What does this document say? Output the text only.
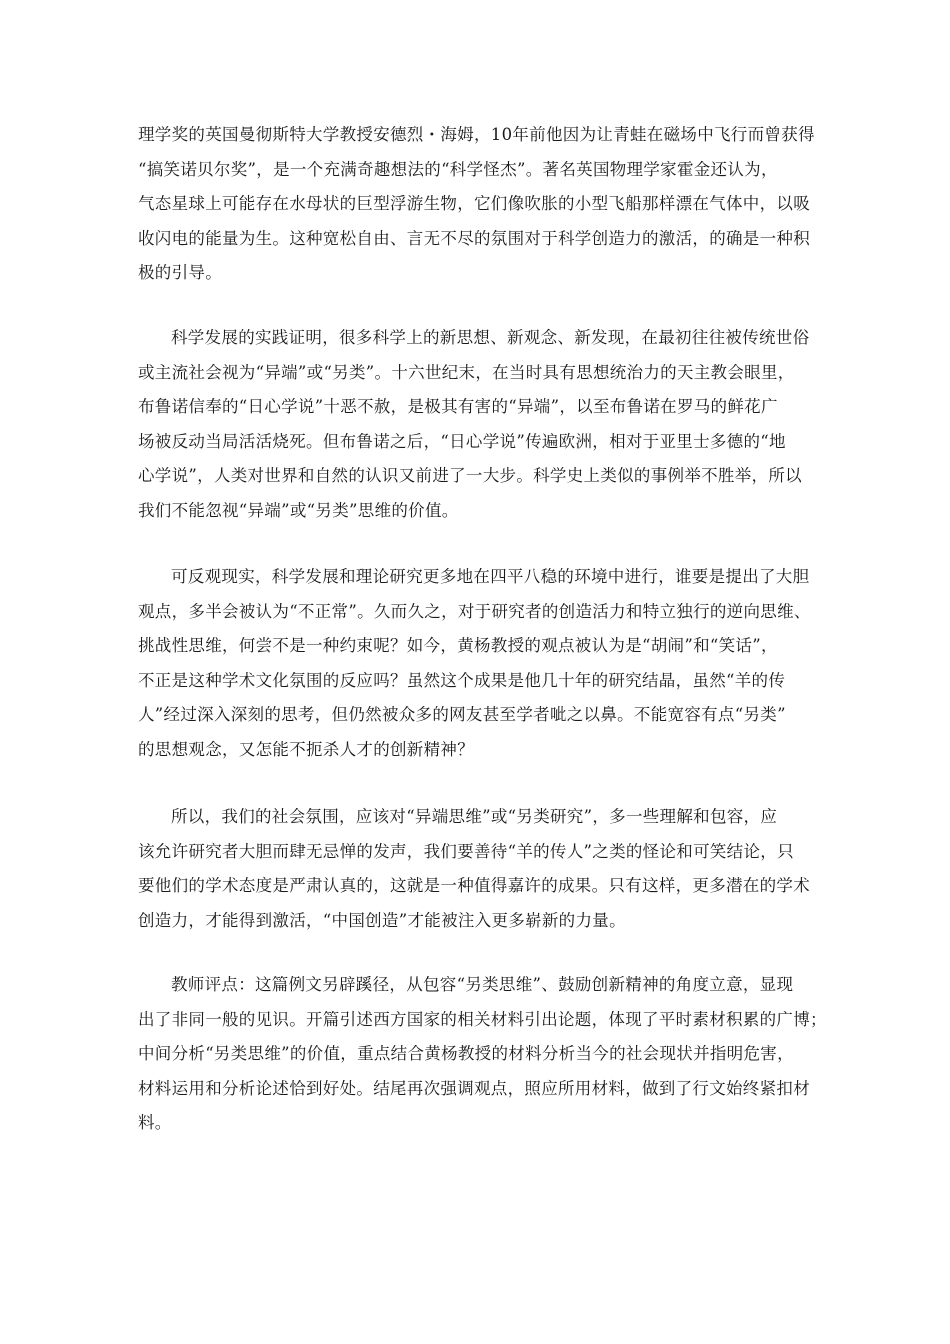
理学奖的英国曼彻斯特大学教授安德烈・海姆，10年前他因为让青蛙在磁场中飞行而曾获得
“搞笑诺贝尔奖”，是一个充满奇趣想法的“科学怪杰”。著名英国物理学家霍金还认为，
气态星球上可能存在水母状的巨型浮游生物，它们像吹胀的小型飞船那样漂在气体中，以吸
收闪电的能量为生。这种宽松自由、言无不尽的氛围对于科学创造力的激活，的确是一种积
极的引导。
科学发展的实践证明，很多科学上的新思想、新观念、新发现，在最初往往被传统世俗
或主流社会视为“异端”或“另类”。十六世纪末，在当时具有思想统治力的天主教会眼里，
布鲁诺信奉的“日心学说”十恶不赦，是极其有害的“异端”，以至布鲁诺在罗马的鲜花广
场被反动当局活活烧死。但布鲁诺之后，“日心学说”传遍欧洲，相对于亚里士多德的“地
心学说”，人类对世界和自然的认识又前进了一大步。科学史上类似的事例举不胜举，所以
我们不能忽视“异端”或“另类”思维的价值。
可反观现实，科学发展和理论研究更多地在四平八稳的环境中进行，谁要是提出了大胆
观点，多半会被认为“不正常”。久而久之，对于研究者的创造活力和特立独行的逆向思维、
挑战性思维，何尝不是一种约束呢？如今，黄杨教授的观点被认为是“胡闹”和“笑话”，
不正是这种学术文化氛围的反应吗？虽然这个成果是他几十年的研究结晶，虽然“羊的传
人”经过深入深刻的思考，但仍然被众多的网友甚至学者呲之以鼻。不能宽容有点“另类”
的思想观念，又怎能不扼杀人才的创新精神？
所以，我们的社会氛围，应该对“异端思维”或“另类研究”，多一些理解和包容，应
该允许研究者大胆而肆无忌惮的发声，我们要善待“羊的传人”之类的怪论和可笑结论，只
要他们的学术态度是严肃认真的，这就是一种值得嘉许的成果。只有这样，更多潜在的学术
创造力，才能得到激活，“中国创造”才能被注入更多崭新的力量。
教师评点：这篇例文另辟蹊径，从包容“另类思维”、鼓励创新精神的角度立意，显现
出了非同一般的见识。开篇引述西方国家的相关材料引出论题，体现了平时素材积累的广博；
中间分析“另类思维”的价值，重点结合黄杨教授的材料分析当今的社会现状并指明危害，
材料运用和分析论述恰到好处。结尾再次强调观点，照应所用材料，做到了行文始终紧扣材
料。
